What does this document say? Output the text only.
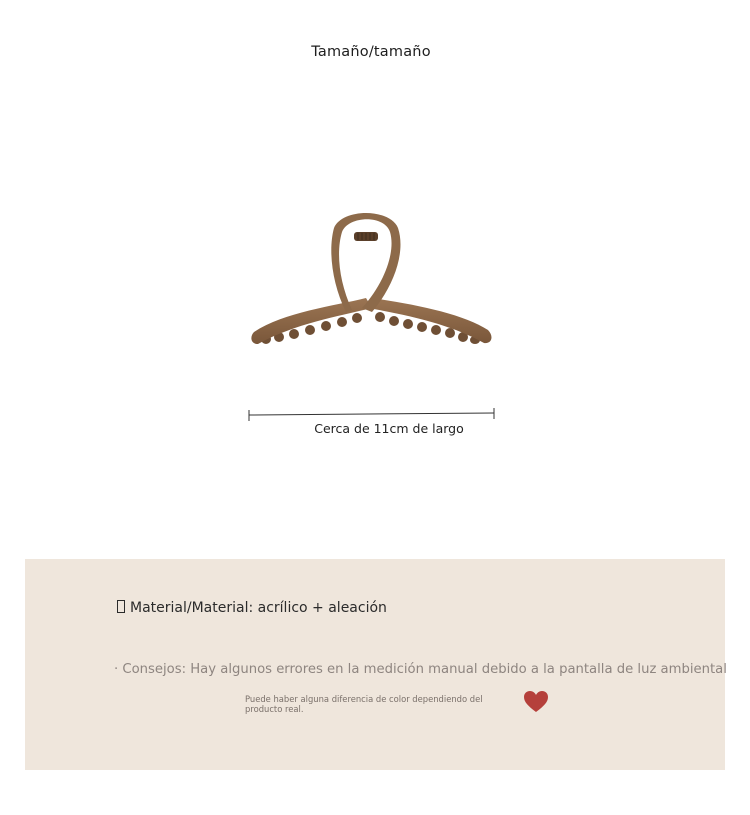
Tamaño/tamaño
Cerca de 11cm de largo
Material/Material: acrílico + aleación
· Consejos: Hay algunos errores en la medición manual debido a la pantalla de luz ambiental
Puede haber alguna diferencia de color dependiendo del producto real.
